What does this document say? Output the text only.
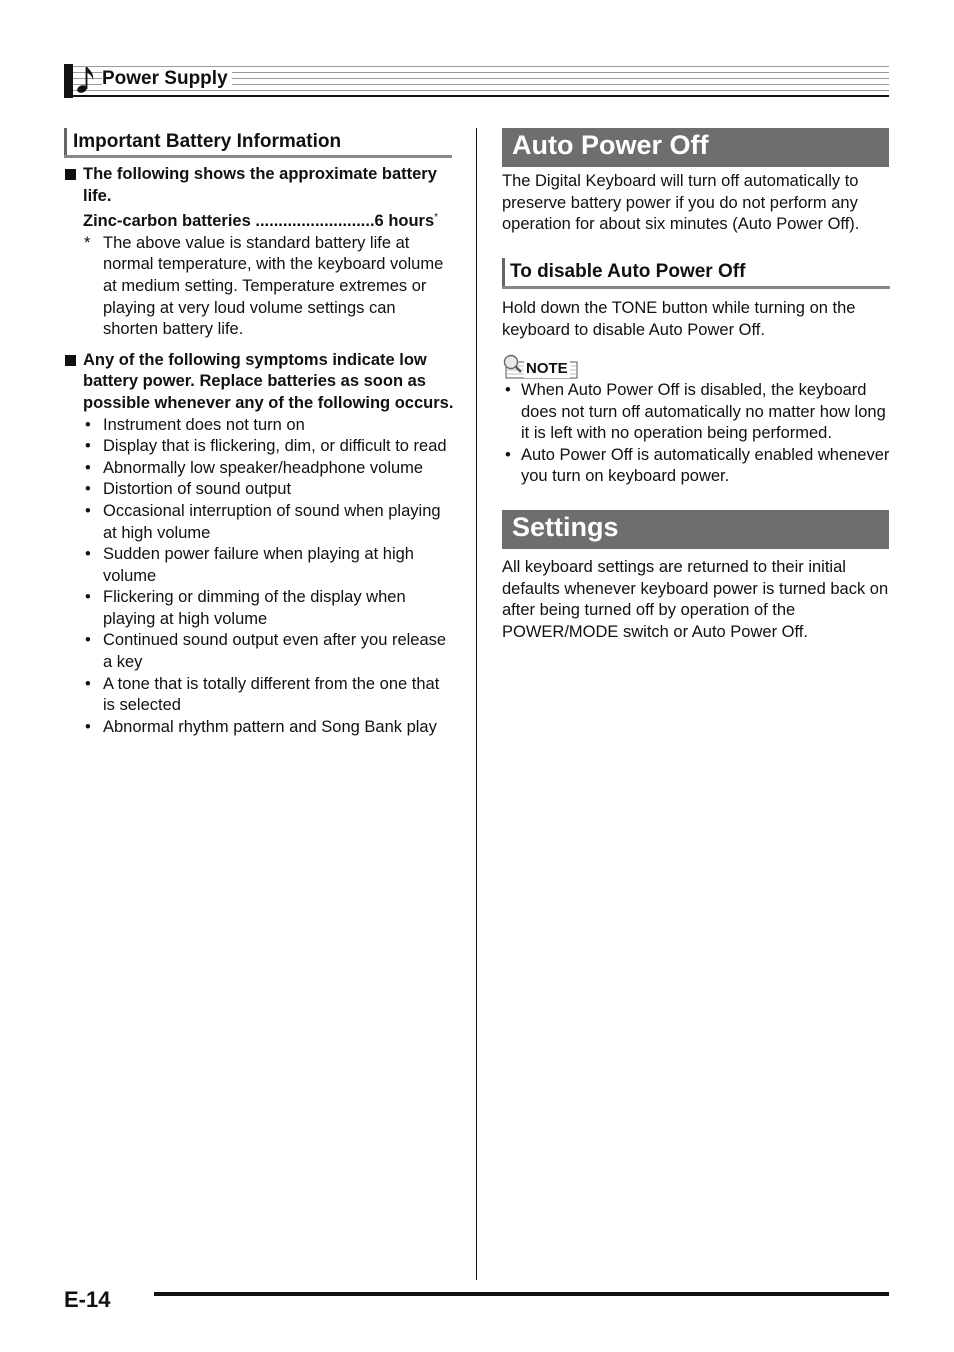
Power Supply
Important Battery Information
The following shows the approximate battery life.
Zinc-carbon batteries ..........................6 hours*
* The above value is standard battery life at normal temperature, with the keyboard volume at medium setting. Temperature extremes or playing at very loud volume settings can shorten battery life.
Any of the following symptoms indicate low battery power. Replace batteries as soon as possible whenever any of the following occurs.
• Instrument does not turn on
• Display that is flickering, dim, or difficult to read
• Abnormally low speaker/headphone volume
• Distortion of sound output
• Occasional interruption of sound when playing at high volume
• Sudden power failure when playing at high volume
• Flickering or dimming of the display when playing at high volume
• Continued sound output even after you release a key
• A tone that is totally different from the one that is selected
• Abnormal rhythm pattern and Song Bank play
Auto Power Off
The Digital Keyboard will turn off automatically to preserve battery power if you do not perform any operation for about six minutes (Auto Power Off).
To disable Auto Power Off
Hold down the TONE button while turning on the keyboard to disable Auto Power Off.
NOTE
• When Auto Power Off is disabled, the keyboard does not turn off automatically no matter how long it is left with no operation being performed.
• Auto Power Off is automatically enabled whenever you turn on keyboard power.
Settings
All keyboard settings are returned to their initial defaults whenever keyboard power is turned back on after being turned off by operation of the POWER/MODE switch or Auto Power Off.
E-14
